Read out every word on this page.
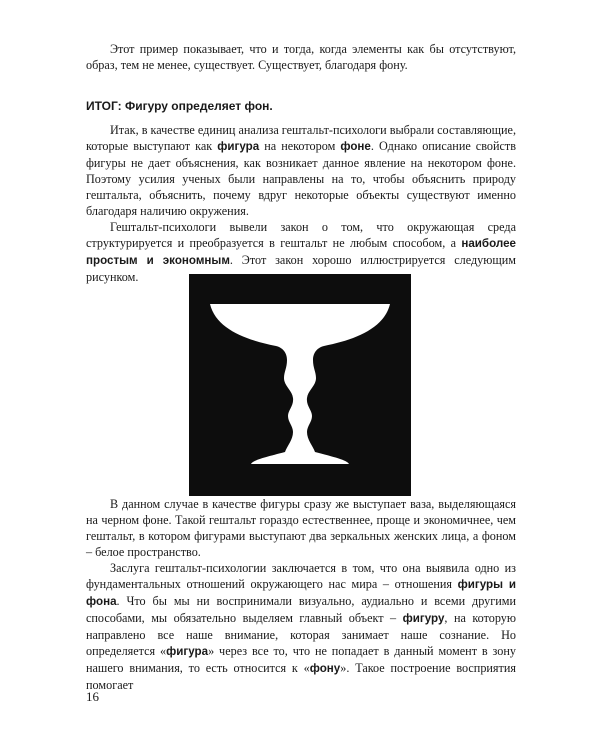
Этот пример показывает, что и тогда, когда элементы как бы отсутствуют, образ, тем не менее, существует. Существует, благодаря фону.

ИТОГ: Фигуру определяет фон.

Итак, в качестве единиц анализа гештальт-психологи выбрали составляющие, которые выступают как фигура на некотором фоне. Однако описание свойств фигуры не дает объяснения, как возникает данное явление на некотором фоне. Поэтому усилия ученых были направлены на то, чтобы объяснить природу гештальта, объяснить, почему вдруг некоторые объекты существуют именно благодаря наличию окружения.

Гештальт-психологи вывели закон о том, что окружающая среда структурируется и преобразуется в гештальт не любым способом, а наиболее простым и экономным. Этот закон хорошо иллюстрируется следующим рисунком.

В данном случае в качестве фигуры сразу же выступает ваза, выделяющаяся на черном фоне. Такой гештальт гораздо естественнее, проще и экономичнее, чем гештальт, в котором фигурами выступают два зеркальных женских лица, а фоном – белое пространство.

Заслуга гештальт-психологии заключается в том, что она выявила одно из фундаментальных отношений окружающего нас мира – отношения фигуры и фона. Что бы мы ни воспринимали визуально, аудиально и всеми другими способами, мы обязательно выделяем главный объект – фигуру, на которую направлено все наше внимание, которая занимает наше сознание. Но определяется «фигура» через все то, что не попадает в данный момент в зону нашего внимания, то есть относится к «фону». Такое построение восприятия помогает

16
